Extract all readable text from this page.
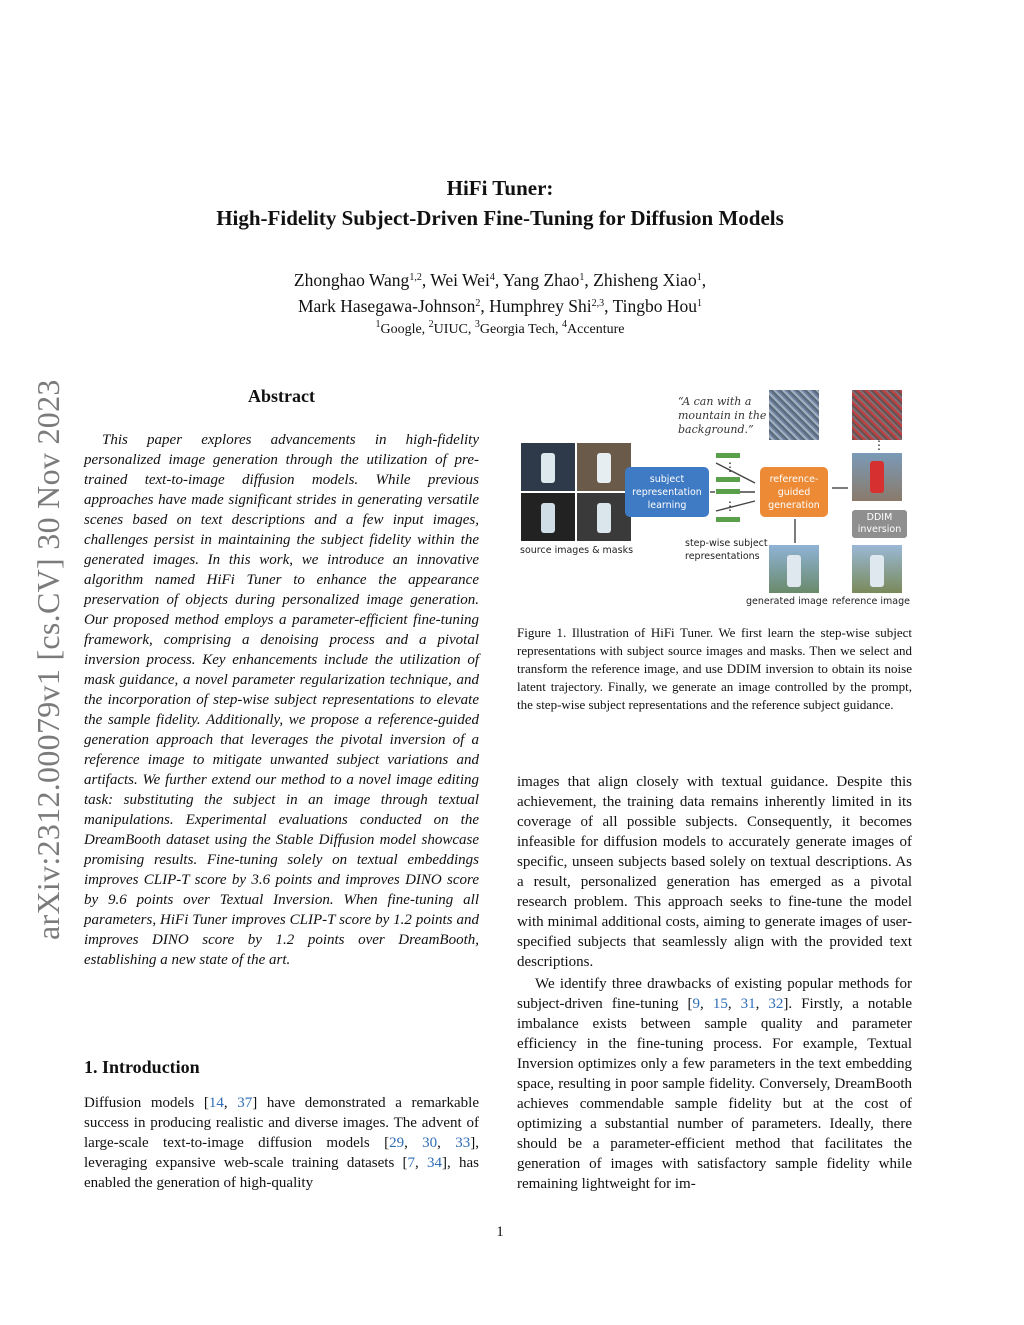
arXiv:2312.00079v1 [cs.CV] 30 Nov 2023
HiFi Tuner:
High-Fidelity Subject-Driven Fine-Tuning for Diffusion Models
Zhonghao Wang$^{1,2}$, Wei Wei$^4$, Yang Zhao$^1$, Zhisheng Xiao$^1$,
Mark Hasegawa-Johnson$^2$, Humphrey Shi$^{2,3}$, Tingbo Hou$^1$
$^1$Google, $^2$UIUC, $^3$Georgia Tech, $^4$Accenture
Abstract

This paper explores advancements in high-fidelity personalized image generation through the utilization of pre-trained text-to-image diffusion models. While previous approaches have made significant strides in generating versatile scenes based on text descriptions and a few input images, challenges persist in maintaining the subject fidelity within the generated images. In this work, we introduce an innovative algorithm named HiFi Tuner to enhance the appearance preservation of objects during personalized image generation. Our proposed method employs a parameter-efficient fine-tuning framework, comprising a denoising process and a pivotal inversion process. Key enhancements include the utilization of mask guidance, a novel parameter regularization technique, and the incorporation of step-wise subject representations to elevate the sample fidelity. Additionally, we propose a reference-guided generation approach that leverages the pivotal inversion of a reference image to mitigate unwanted subject variations and artifacts. We further extend our method to a novel image editing task: substituting the subject in an image through textual manipulations. Experimental evaluations conducted on the DreamBooth dataset using the Stable Diffusion model showcase promising results. Fine-tuning solely on textual embeddings improves CLIP-T score by 3.6 points and improves DINO score by 9.6 points over Textual Inversion. When fine-tuning all parameters, HiFi Tuner improves CLIP-T score by 1.2 points and improves DINO score by 1.2 points over DreamBooth, establishing a new state of the art.

1. Introduction

Diffusion models [14, 37] have demonstrated a remarkable success in producing realistic and diverse images. The advent of large-scale text-to-image diffusion models [29, 30, 33], leveraging expansive web-scale training datasets [7, 34], has enabled the generation of high-quality

source images & masks
subject representation learning
⋮
⋮
step-wise subject representations
“A can with a mountain in the background.”
⋮
reference-guided generation
DDIM inversion
generated image reference image

Figure 1. Illustration of HiFi Tuner. We first learn the step-wise subject representations with subject source images and masks. Then we select and transform the reference image, and use DDIM inversion to obtain its noise latent trajectory. Finally, we generate an image controlled by the prompt, the step-wise subject representations and the reference subject guidance.

images that align closely with textual guidance. Despite this achievement, the training data remains inherently limited in its coverage of all possible subjects. Consequently, it becomes infeasible for diffusion models to accurately generate images of specific, unseen subjects based solely on textual descriptions. As a result, personalized generation has emerged as a pivotal research problem. This approach seeks to fine-tune the model with minimal additional costs, aiming to generate images of user-specified subjects that seamlessly align with the provided text descriptions.

We identify three drawbacks of existing popular methods for subject-driven fine-tuning [9, 15, 31, 32]. Firstly, a notable imbalance exists between sample quality and parameter efficiency in the fine-tuning process. For example, Textual Inversion optimizes only a few parameters in the text embedding space, resulting in poor sample fidelity. Conversely, DreamBooth achieves commendable sample fidelity but at the cost of optimizing a substantial number of parameters. Ideally, there should be a parameter-efficient method that facilitates the generation of images with satisfactory sample fidelity while remaining lightweight for im-

1
